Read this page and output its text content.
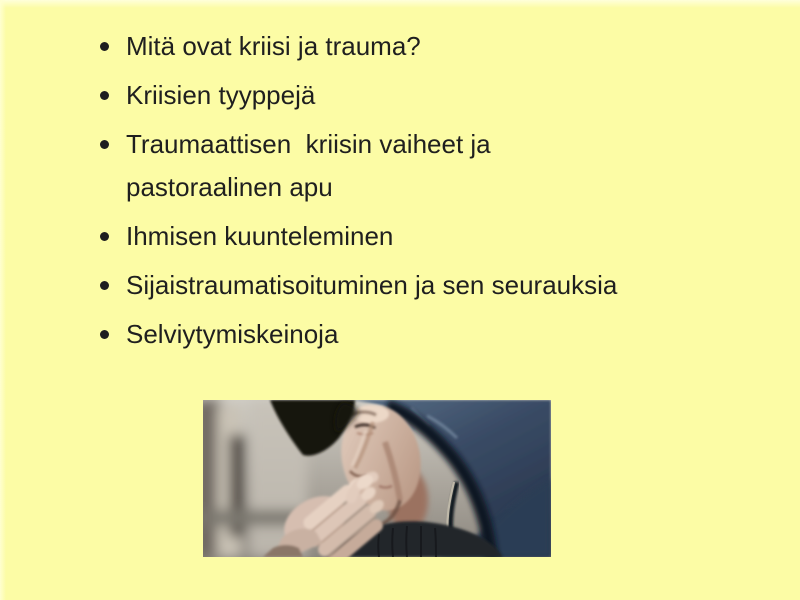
Mitä ovat kriisi ja trauma?
Kriisien tyyppejä
Traumaattisen  kriisin vaiheet ja
pastoraalinen apu
Ihmisen kuunteleminen
Sijaistraumatisoituminen ja sen seurauksia
Selviytymiskeinoja
